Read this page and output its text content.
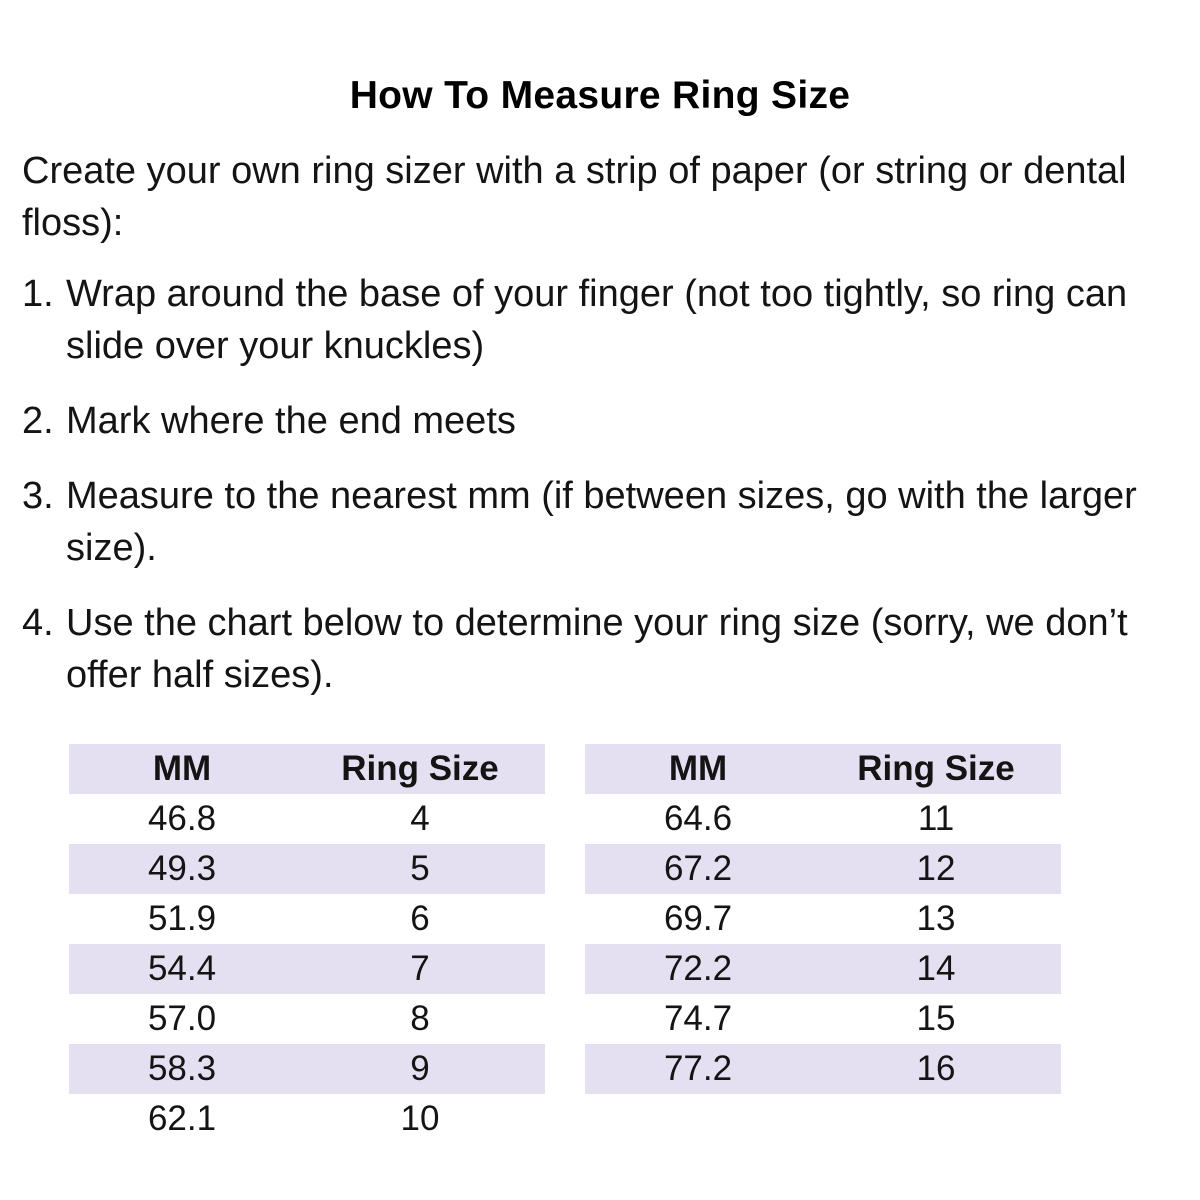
How To Measure Ring Size

Create your own ring sizer with a strip of paper (or string or dental floss):

1. Wrap around the base of your finger (not too tightly, so ring can slide over your knuckles)
2. Mark where the end meets
3. Measure to the nearest mm (if between sizes, go with the larger size).
4. Use the chart below to determine your ring size (sorry, we don’t offer half sizes).
MM	Ring Size
46.8	4
49.3	5
51.9	6
54.4	7
57.0	8
58.3	9
62.1	10
MM	Ring Size
64.6	11
67.2	12
69.7	13
72.2	14
74.7	15
77.2	16
